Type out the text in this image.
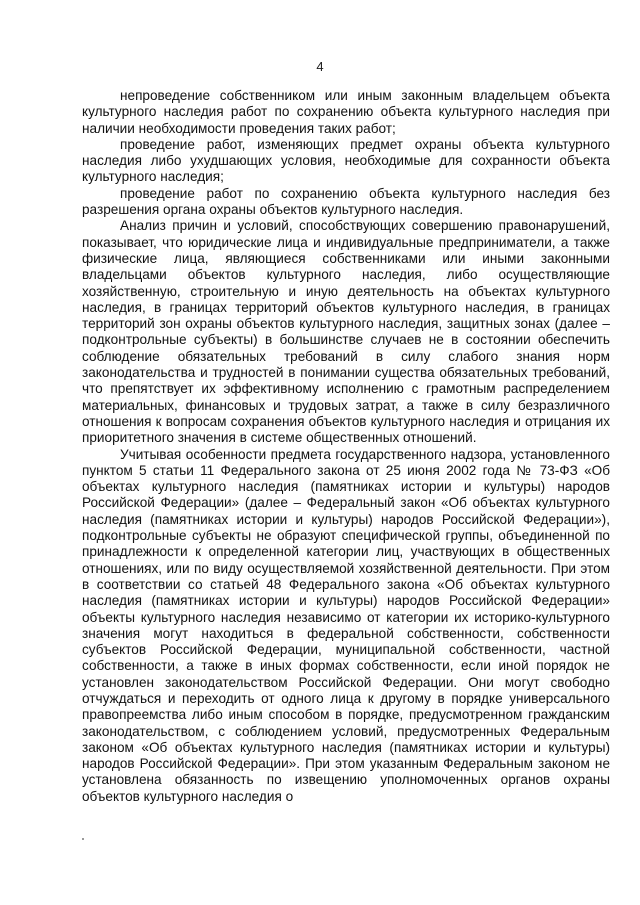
4

непроведение собственником или иным законным владельцем объекта культурного наследия работ по сохранению объекта культурного наследия при наличии необходимости проведения таких работ;

проведение работ, изменяющих предмет охраны объекта культурного наследия либо ухудшающих условия, необходимые для сохранности объекта культурного наследия;

проведение работ по сохранению объекта культурного наследия без разрешения органа охраны объектов культурного наследия.

Анализ причин и условий, способствующих совершению правонарушений, показывает, что юридические лица и индивидуальные предприниматели, а также физические лица, являющиеся собственниками или иными законными владельцами объектов культурного наследия, либо осуществляющие хозяйственную, строительную и иную деятельность на объектах культурного наследия, в границах территорий объектов культурного наследия, в границах территорий зон охраны объектов культурного наследия, защитных зонах (далее – подконтрольные субъекты) в большинстве случаев не в состоянии обеспечить соблюдение обязательных требований в силу слабого знания норм законодательства и трудностей в понимании существа обязательных требований, что препятствует их эффективному исполнению с грамотным распределением материальных, финансовых и трудовых затрат, а также в силу безразличного отношения к вопросам сохранения объектов культурного наследия и отрицания их приоритетного значения в системе общественных отношений.

Учитывая особенности предмета государственного надзора, установленного пунктом 5 статьи 11 Федерального закона от 25 июня 2002 года № 73-ФЗ «Об объектах культурного наследия (памятниках истории и культуры) народов Российской Федерации» (далее – Федеральный закон «Об объектах культурного наследия (памятниках истории и культуры) народов Российской Федерации»), подконтрольные субъекты не образуют специфической группы, объединенной по принадлежности к определенной категории лиц, участвующих в общественных отношениях, или по виду осуществляемой хозяйственной деятельности. При этом в соответствии со статьей 48 Федерального закона «Об объектах культурного наследия (памятниках истории и культуры) народов Российской Федерации» объекты культурного наследия независимо от категории их историко-культурного значения могут находиться в федеральной собственности, собственности субъектов Российской Федерации, муниципальной собственности, частной собственности, а также в иных формах собственности, если иной порядок не установлен законодательством Российской Федерации. Они могут свободно отчуждаться и переходить от одного лица к другому в порядке универсального правопреемства либо иным способом в порядке, предусмотренном гражданским законодательством, с соблюдением условий, предусмотренных Федеральным законом «Об объектах культурного наследия (памятниках истории и культуры) народов Российской Федерации». При этом указанным Федеральным законом не установлена обязанность по извещению уполномоченных органов охраны объектов культурного наследия о
